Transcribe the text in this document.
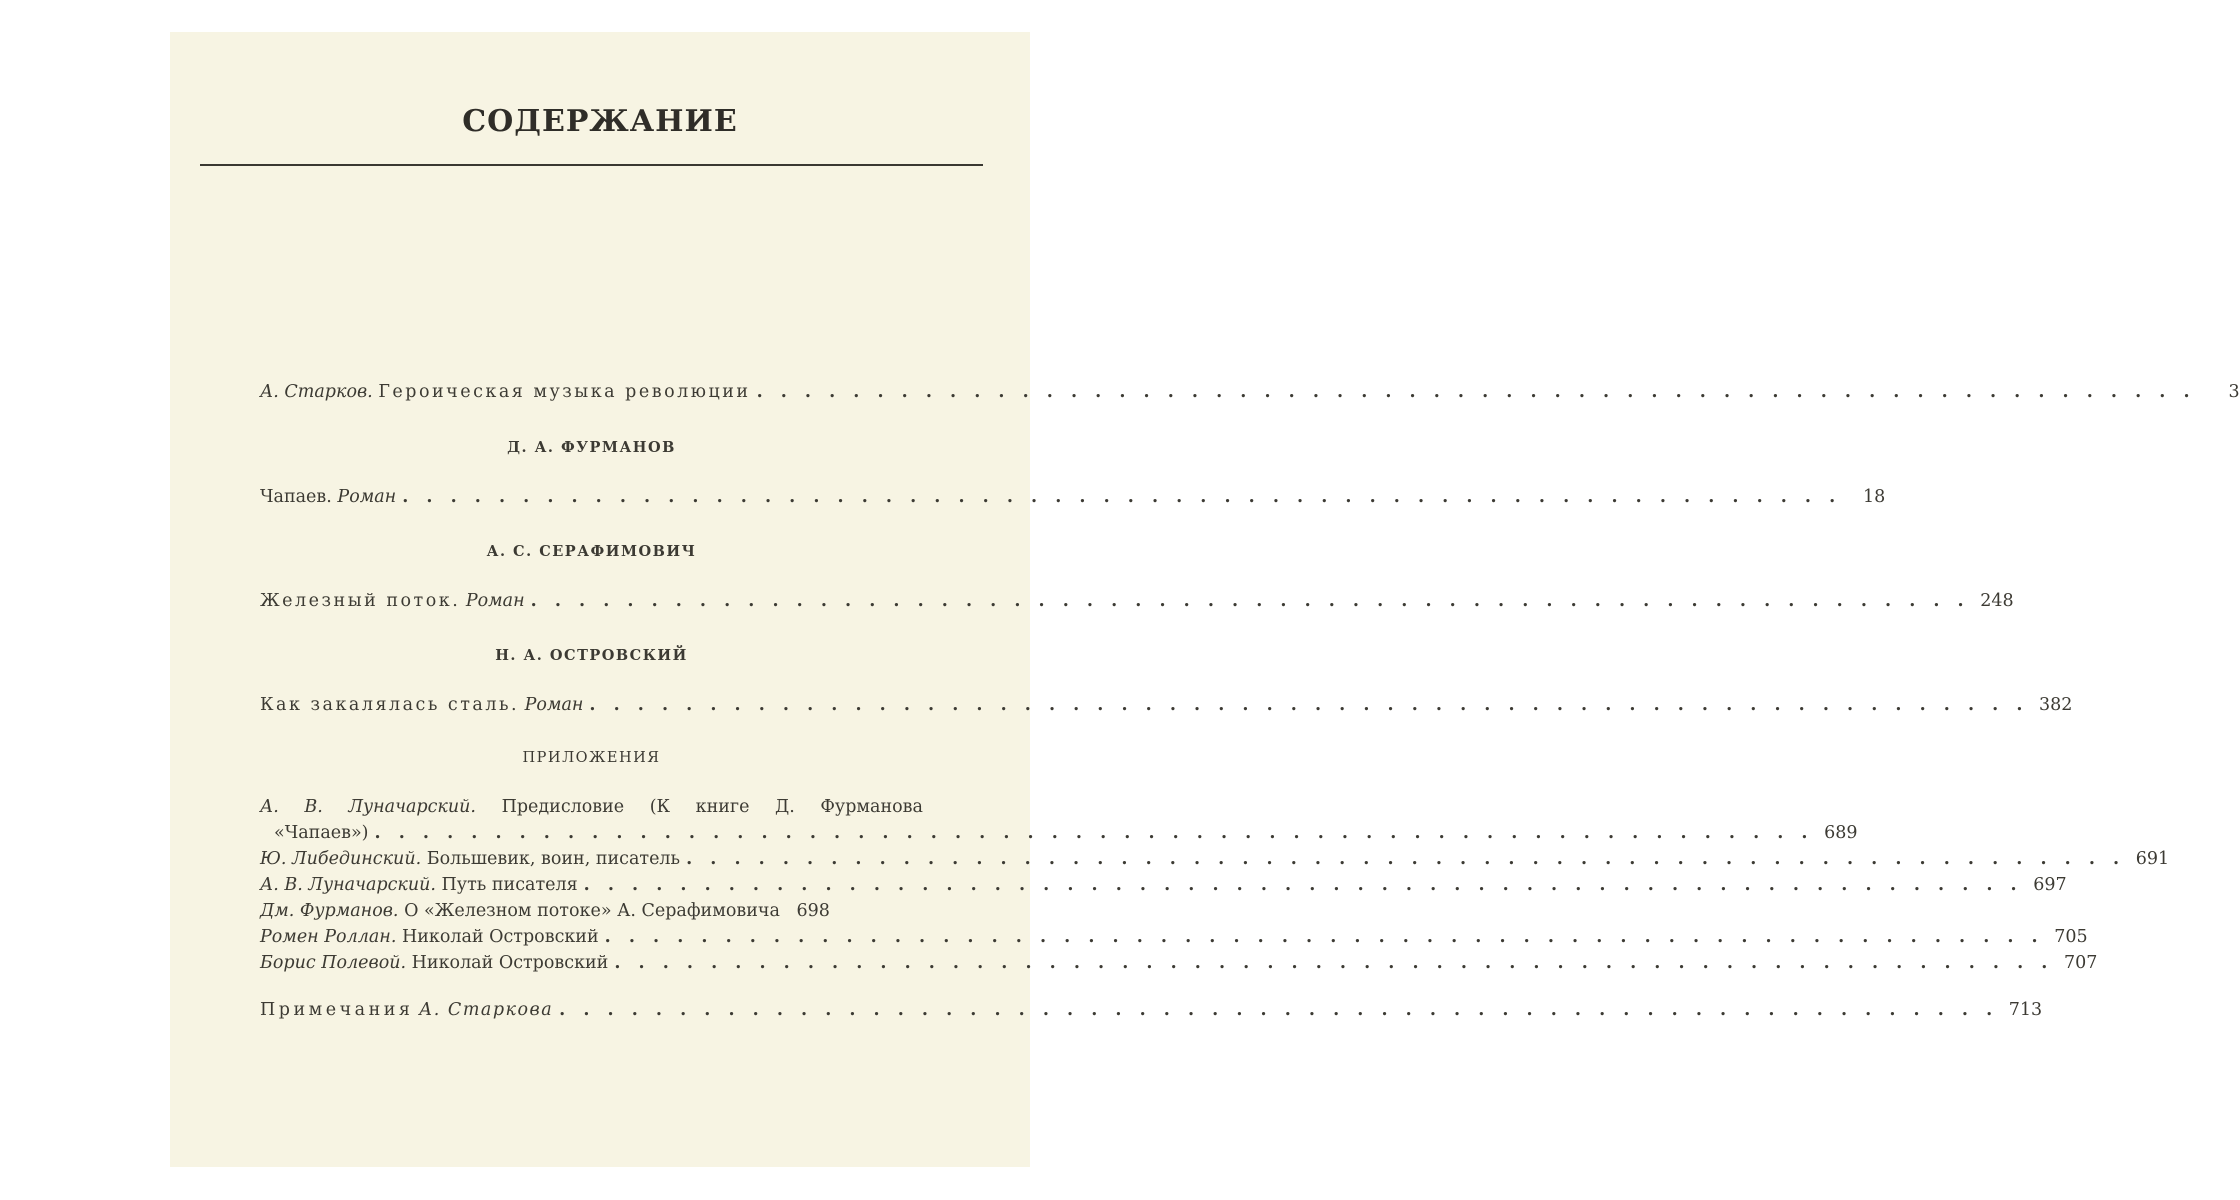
СОДЕРЖАНИЕ
А. Старков.
Героическая музыка революции . . . . . . . . . . . . . . . . . . . . . . . . . . . . . . . . . . . . . . . . . . . . . . . . . . . . . . . . . . . .	3
Д. А. ФУРМАНОВ
Чапаев.
Роман . . . . . . . . . . . . . . . . . . . . . . . . . . . . . . . . . . . . . . . . . . . . . . . . . . . . . . . . . . . .	18
А. С. СЕРАФИМОВИЧ
Железный поток.
Роман . . . . . . . . . . . . . . . . . . . . . . . . . . . . . . . . . . . . . . . . . . . . . . . . . . . . . . . . . . . . 248
Н. А. ОСТРОВСКИЙ
Как закалялась сталь.
Роман . . . . . . . . . . . . . . . . . . . . . . . . . . . . . . . . . . . . . . . . . . . . . . . . . . . . . . . . . . . . 382
ПРИЛОЖЕНИЯ
А. В. Луначарский. Предисловие (К книге Д. Фурманова
«Чапаев») . . . . . . . . . . . . . . . . . . . . . . . . . . . . . . . . . . . . . . . . . . . . . . . . . . . . . . . . . . . . 689
Ю. Либединский.
Большевик, воин, писатель . . . . . . . . . . . . . . . . . . . . . . . . . . . . . . . . . . . . . . . . . . . . . . . . . . . . . . . . . . . . 691
А. В. Луначарский.
Путь писателя . . . . . . . . . . . . . . . . . . . . . . . . . . . . . . . . . . . . . . . . . . . . . . . . . . . . . . . . . . . . 697
Дм. Фурманов.
О «Железном потоке» А. Серафимовича 698
Ромен Роллан.
Николай Островский . . . . . . . . . . . . . . . . . . . . . . . . . . . . . . . . . . . . . . . . . . . . . . . . . . . . . . . . . . . . 705
Борис Полевой.
Николай Островский . . . . . . . . . . . . . . . . . . . . . . . . . . . . . . . . . . . . . . . . . . . . . . . . . . . . . . . . . . . . 707
Примечания
А. Старкова . . . . . . . . . . . . . . . . . . . . . . . . . . . . . . . . . . . . . . . . . . . . . . . . . . . . . . . . . . . . 713
